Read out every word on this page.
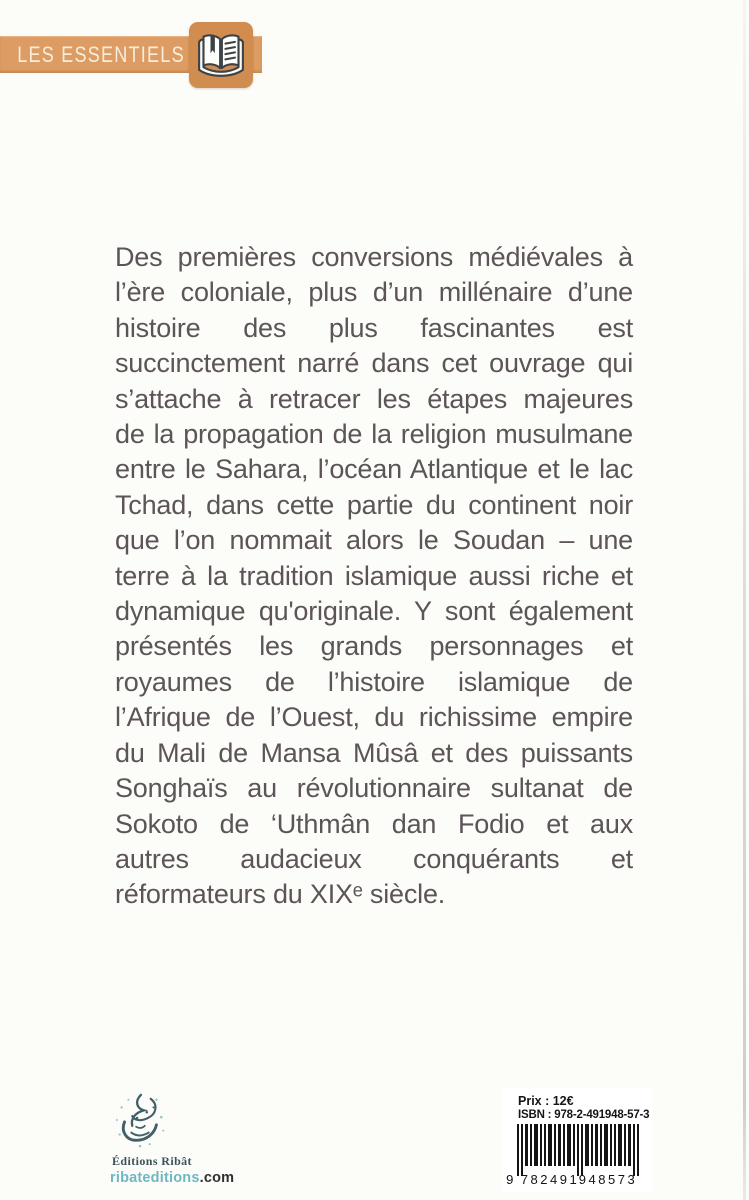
LES ESSENTIELS
Des premières conversions médiévales à
l’ère coloniale, plus d’un millénaire d’une
histoire des plus fascinantes est
succinctement narré dans cet ouvrage qui
s’attache à retracer les étapes majeures
de la propagation de la religion musulmane
entre le Sahara, l’océan Atlantique et le lac
Tchad, dans cette partie du continent noir
que l’on nommait alors le Soudan – une
terre à la tradition islamique aussi riche et
dynamique qu'originale. Y sont également
présentés les grands personnages et
royaumes de l’histoire islamique de
l’Afrique de l’Ouest, du richissime empire
du Mali de Mansa Mûsâ et des puissants
Songhaïs au révolutionnaire sultanat de
Sokoto de ‘Uthmân dan Fodio et aux
autres audacieux conquérants et
réformateurs du XIXᵉ siècle.
Éditions Ribât
ribateditions.com
Prix : 12€
ISBN : 978-2-491948-57-3
9 782491 948573
